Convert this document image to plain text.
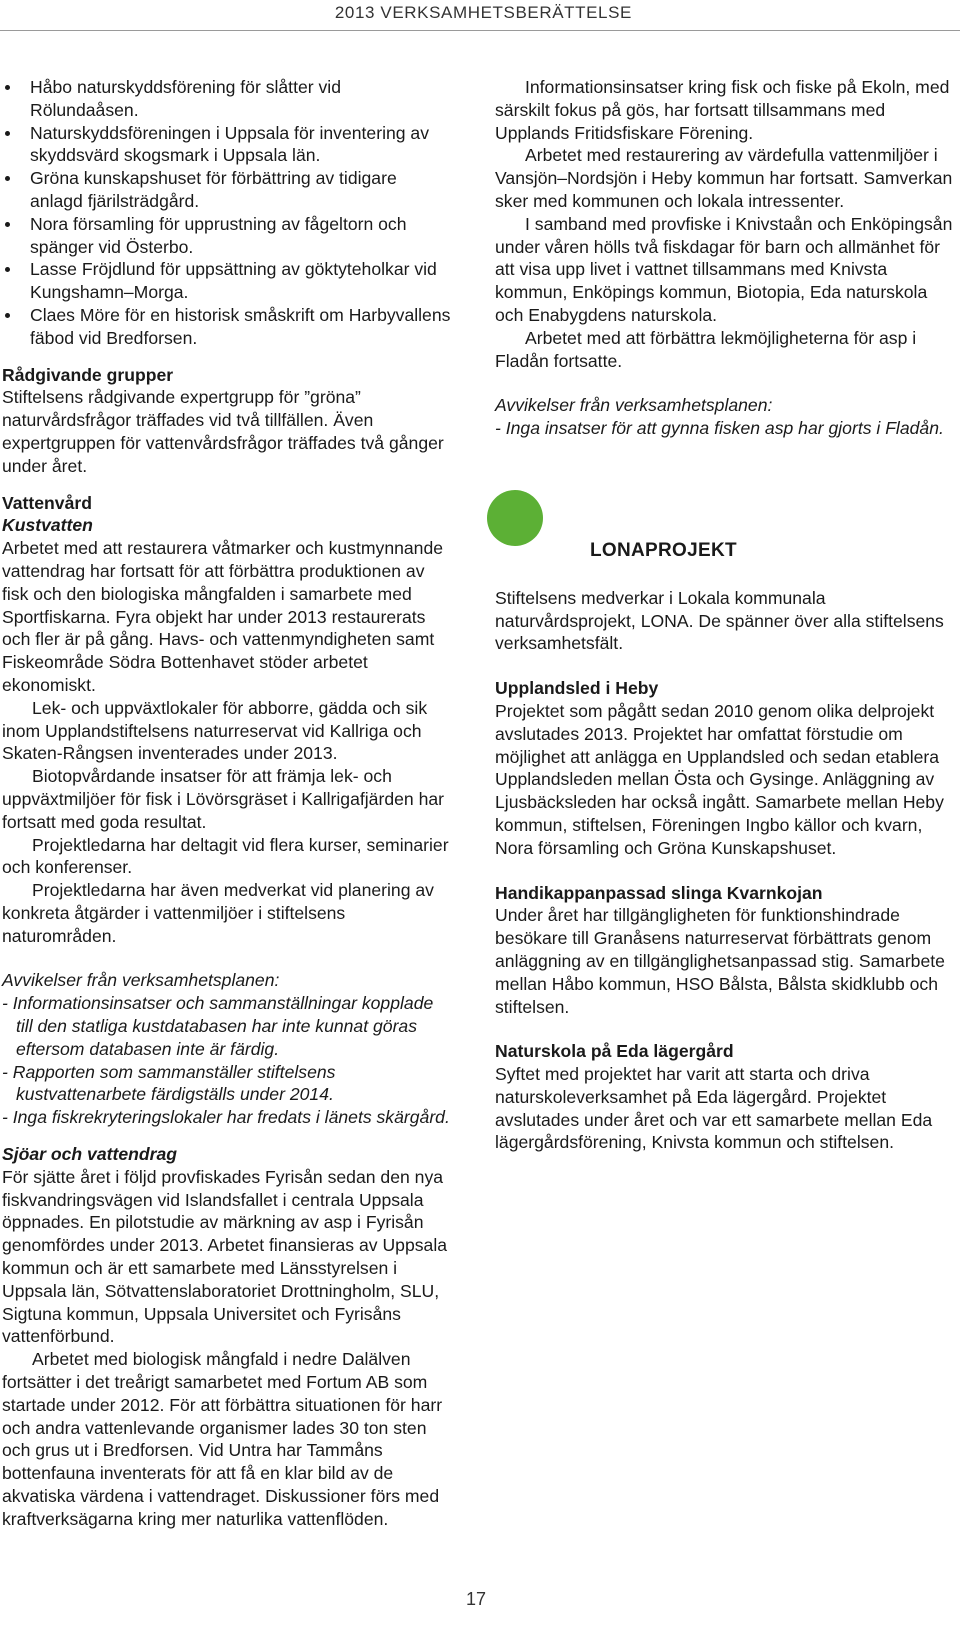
2013 VERKSAMHETSBERÄTTELSE
Håbo naturskyddsförening för slåtter vid Rölundaåsen.
Naturskyddsföreningen i Uppsala för inventering av skyddsvärd skogsmark i Uppsala län.
Gröna kunskapshuset för förbättring av tidigare anlagd fjärilsträdgård.
Nora församling för upprustning av fågeltorn och spänger vid Österbo.
Lasse Fröjdlund för uppsättning av göktyteholkar vid Kungshamn–Morga.
Claes Möre för en historisk småskrift om Harbyvallens fäbod vid Bredforsen.
Rådgivande grupper

Stiftelsens rådgivande expertgrupp för ”gröna” naturvårdsfrågor träffades vid två tillfällen. Även expertgruppen för vattenvårdsfrågor träffades två gånger under året.

Vattenvård
Kustvatten

Arbetet med att restaurera våtmarker och kustmynnande vattendrag har fortsatt för att förbättra produktionen av fisk och den biologiska mångfalden i samarbete med Sportfiskarna. Fyra objekt har under 2013 restaurerats och fler är på gång. Havs- och vattenmyndigheten samt Fiskeområde Södra Bottenhavet stöder arbetet ekonomiskt.

Lek- och uppväxtlokaler för abborre, gädda och sik inom Upplandstiftelsens naturreservat vid Kallriga och Skaten-Rångsen inventerades under 2013.

Biotopvårdande insatser för att främja lek- och uppväxtmiljöer för fisk i Lövörsgräset i Kallrigafjärden har fortsatt med goda resultat.

Projektledarna har deltagit vid flera kurser, seminarier och konferenser.

Projektledarna har även medverkat vid planering av konkreta åtgärder i vattenmiljöer i stiftelsens naturområden.

Avvikelser från verksamhetsplanen:

- Informationsinsatser och sammanställningar kopplade till den statliga kustdatabasen har inte kunnat göras eftersom databasen inte är färdig.
- Rapporten som sammanställer stiftelsens kustvattenarbete färdigställs under 2014.
- Inga fiskrekryteringslokaler har fredats i länets skärgård.
Sjöar och vattendrag

För sjätte året i följd provfiskades Fyrisån sedan den nya fiskvandringsvägen vid Islandsfallet i centrala Uppsala öppnades. En pilotstudie av märkning av asp i Fyrisån genomfördes under 2013. Arbetet finansieras av Uppsala kommun och är ett samarbete med Länsstyrelsen i Uppsala län, Sötvattenslaboratoriet Drottningholm, SLU, Sigtuna kommun, Uppsala Universitet och Fyrisåns vattenförbund.

Arbetet med biologisk mångfald i nedre Dalälven fortsätter i det treårigt samarbetet med Fortum AB som startade under 2012. För att förbättra situationen för harr och andra vattenlevande organismer lades 30 ton sten och grus ut i Bredforsen. Vid Untra har Tammåns bottenfauna inventerats för att få en klar bild av de akvatiska värdena i vattendraget. Diskussioner förs med kraftverksägarna kring mer naturlika vattenflöden.

Informationsinsatser kring fisk och fiske på Ekoln, med särskilt fokus på gös, har fortsatt tillsammans med Upplands Fritidsfiskare Förening.

Arbetet med restaurering av värdefulla vattenmiljöer i Vansjön–Nordsjön i Heby kommun har fortsatt. Samverkan sker med kommunen och lokala intressenter.

I samband med provfiske i Knivstaån och Enköpingsån under våren hölls två fiskdagar för barn och allmänhet för att visa upp livet i vattnet tillsammans med Knivsta kommun, Enköpings kommun, Biotopia, Eda naturskola och Enabygdens naturskola.

Arbetet med att förbättra lekmöjligheterna för asp i Fladån fortsatte.

Avvikelser från verksamhetsplanen:

- Inga insatser för att gynna fisken asp har gjorts i Fladån.
LONAPROJEKT

Stiftelsens medverkar i Lokala kommunala naturvårdsprojekt, LONA. De spänner över alla stiftelsens verksamhetsfält.

Upplandsled i Heby

Projektet som pågått sedan 2010 genom olika delprojekt avslutades 2013. Projektet har omfattat förstudie om möjlighet att anlägga en Upplandsled och sedan etablera Upplandsleden mellan Östa och Gysinge. Anläggning av Ljusbäckslеden har också ingått. Samarbete mellan Heby kommun, stiftelsen, Föreningen Ingbo källor och kvarn, Nora församling och Gröna Kunskapshuset.

Handikappanpassad slinga Kvarnkojan

Under året har tillgängligheten för funktionshindrade besökare till Granåsens naturreservat förbättrats genom anläggning av en tillgänglighetsanpassad stig. Samarbete mellan Håbo kommun, HSO Bålsta, Bålsta skidklubb och stiftelsen.

Naturskola på Eda lägergård

Syftet med projektet har varit att starta och driva naturskoleverksamhet på Eda lägergård. Projektet avslutades under året och var ett samarbete mellan Eda lägergårdsförening, Knivsta kommun och stiftelsen.

17
